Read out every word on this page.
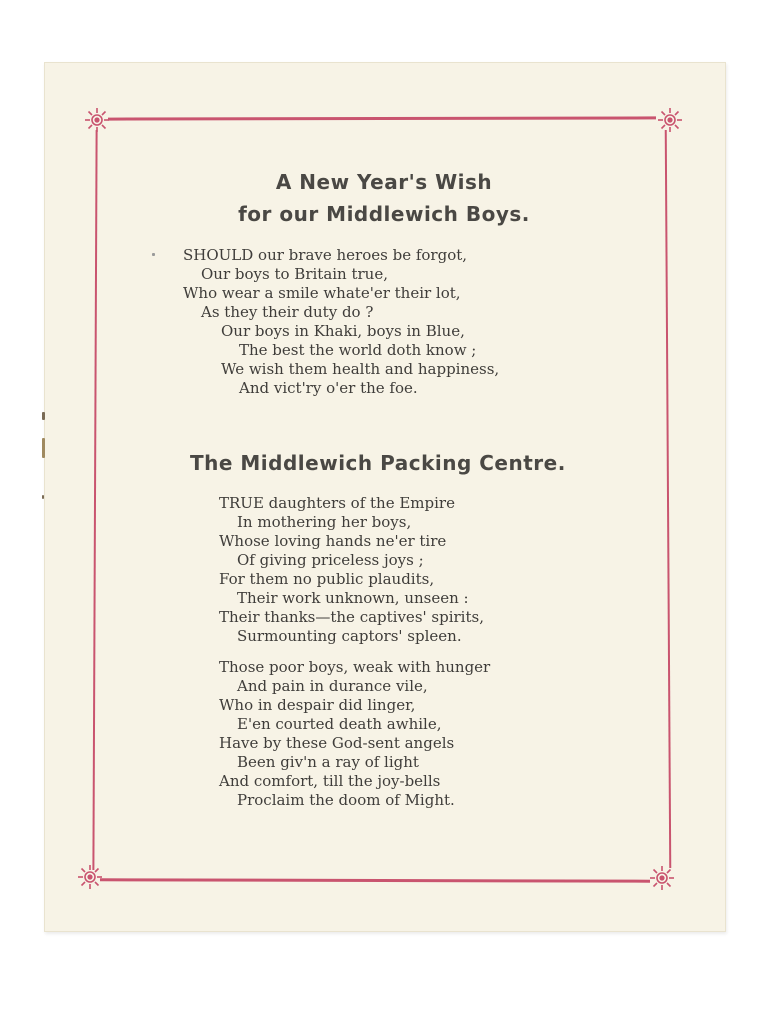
A New Year's Wish
for our Middlewich Boys.
SHOULD our brave heroes be forgot,
Our boys to Britain true,
Who wear a smile whate'er their lot,
As they their duty do ?
Our boys in Khaki, boys in Blue,
The best the world doth know ;
We wish them health and happiness,
And vict'ry o'er the foe.
The Middlewich Packing Centre.
TRUE daughters of the Empire
In mothering her boys,
Whose loving hands ne'er tire
Of giving priceless joys ;
For them no public plaudits,
Their work unknown, unseen :
Their thanks—the captives' spirits,
Surmounting captors' spleen.
Those poor boys, weak with hunger
And pain in durance vile,
Who in despair did linger,
E'en courted death awhile,
Have by these God-sent angels
Been giv'n a ray of light
And comfort, till the joy-bells
Proclaim the doom of Might.
